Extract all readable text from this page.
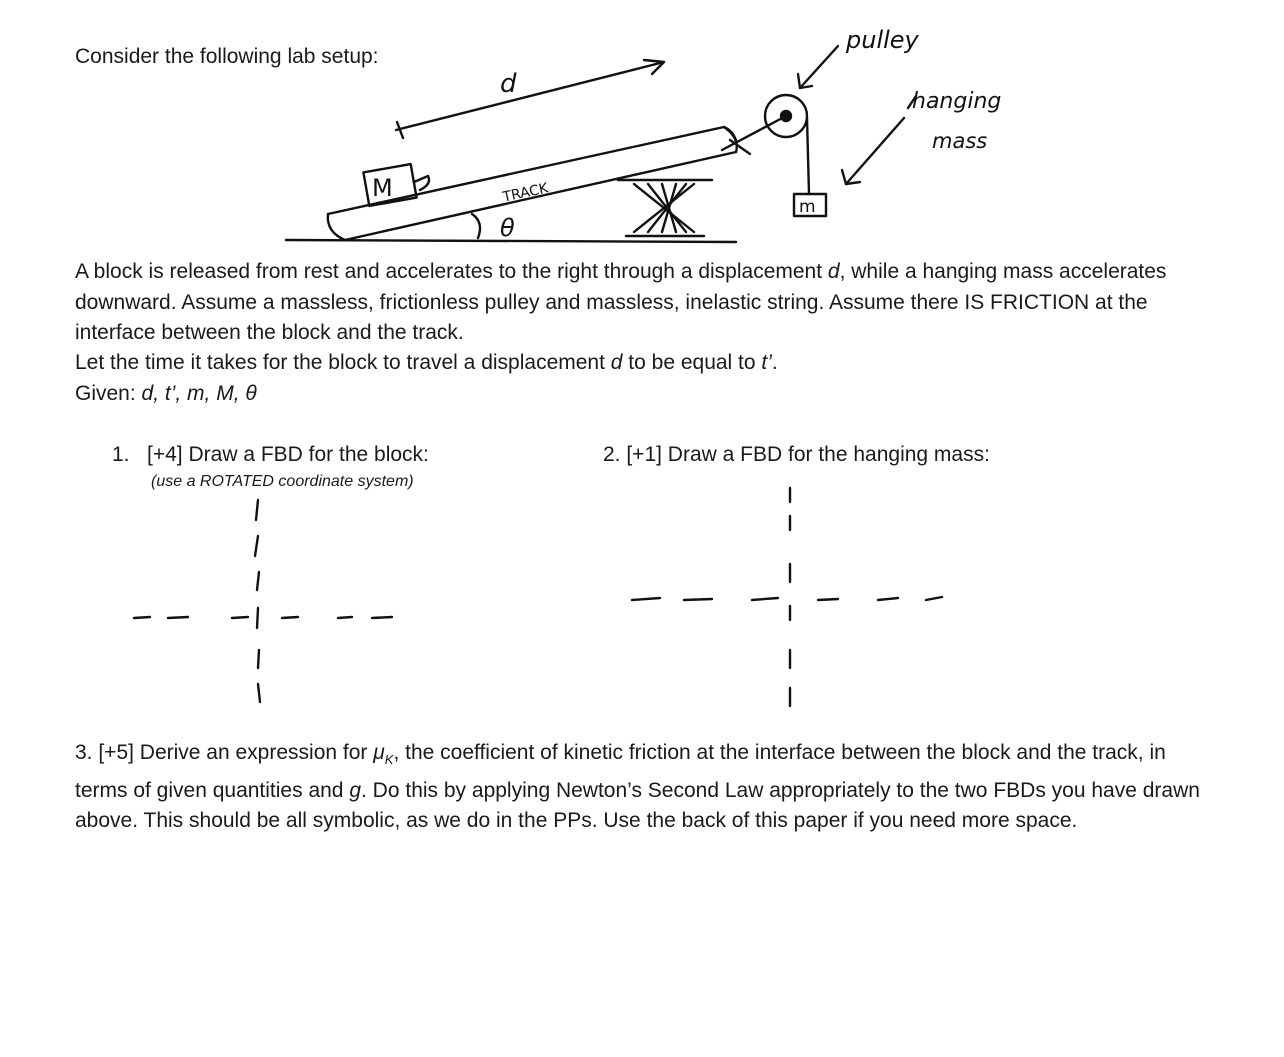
Consider the following lab setup:
pulley
hanging
mass
d
M
m
TRACK
θ
A block is released from rest and accelerates to the right through a displacement d, while a hanging mass accelerates downward. Assume a massless, frictionless pulley and massless, inelastic string. Assume there IS FRICTION at the interface between the block and the track.
Let the time it takes for the block to travel a displacement d to be equal to t’.
Given: d, t’, m, M, θ
1. [+4] Draw a FBD for the block:
(use a ROTATED coordinate system)
2. [+1] Draw a FBD for the hanging mass:
3. [+5] Derive an expression for $\mu_K$, the coefficient of kinetic friction at the interface between the block and the track, in terms of given quantities and g. Do this by applying Newton’s Second Law appropriately to the two FBDs you have drawn above. This should be all symbolic, as we do in the PPs. Use the back of this paper if you need more space.
